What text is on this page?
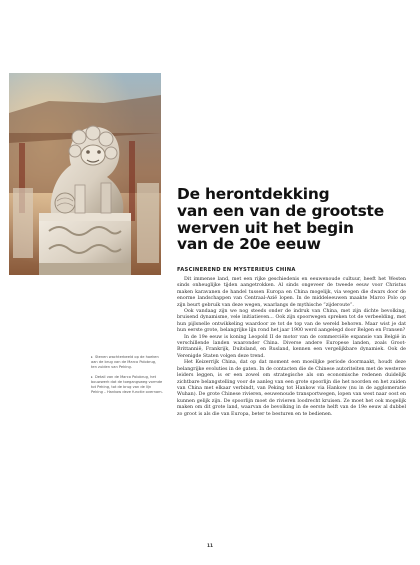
De herontdekking
van een van de grootste
werven uit het begin
van de 20e eeuw
FASCINEREND EN MYSTERIEUS CHINA

Dit immense land, met een rijke geschiedenis en eeuwenoude cultuur, heeft het Westen sinds onheuglijke tijden aangetrokken. Al sinds ongeveer de tweede eeuw voor Christus maken karavanen de handel tussen Europa en China mogelijk, via wegen die dwars door de enorme landschappen van Centraal-Azië lopen. In de middeleeuwen maakte Marco Polo op zijn beurt gebruik van deze wegen, waarlangs de mythische “zijderoute”.

Ook vandaag zijn we nog steeds onder de indruk van China, met zijn dichte bevolking, bruisend dynamisme, vele initiatieven... Ook zijn spoorwegen spreken tot de verbeelding, met hun pijlsnelle ontwikkeling waardoor ze tot de top van de wereld behoren. Maar wist je dat hun eerste grote, belangrijke lijn rond het jaar 1900 werd aangelegd door Belgen en Fransen?

In de 19e eeuw is koning Leopold II de motor van de commerciële expansie van België in verschillende landen waaronder China. Diverse andere Europese landen, zoals Groot-Brittannië, Frankrijk, Duitsland, en Rusland, kennen een vergelijkbare dynamiek. Ook de Verenigde Staten volgen deze trend.

Het Keizerrijk China, dat op dat moment een moeilijke periode doormaakt, houdt deze belangrijke evoluties in de gaten. In de contacten die de Chinese autoriteiten met de westerse leiders leggen, is er een zowel om strategische als om economische redenen duidelijk zichtbare belangstelling voor de aanleg van een grote spoorlijn die het noorden en het zuiden van China met elkaar verbindt, van Peking tot Hankow via Hankow (nu in de agglomeratie Wuhan). De grote Chinese rivieren, eeuwenoude transportwegen, lopen van west naar oost en kunnen gelijk zijn. De spoorlijn moet de rivieren loodrecht kruisen. Ze moet het ook mogelijk maken om dit grote land, waarvan de bevolking in de eerste helft van de 19e eeuw al dubbel zo groot is als die van Europa, beter te besturen en te bedienen.

▸ Stenen wachterbeeld op de hoeken aan de brug van de Marco Polobrug, ten zuiden van Peking.

▸ Detail van de Marco Polobrug, het bouwwerk dat de toegangsweg vormde tot Peking, tot de brug van de lijn Peking – Hankow deze functie overnam.

11
